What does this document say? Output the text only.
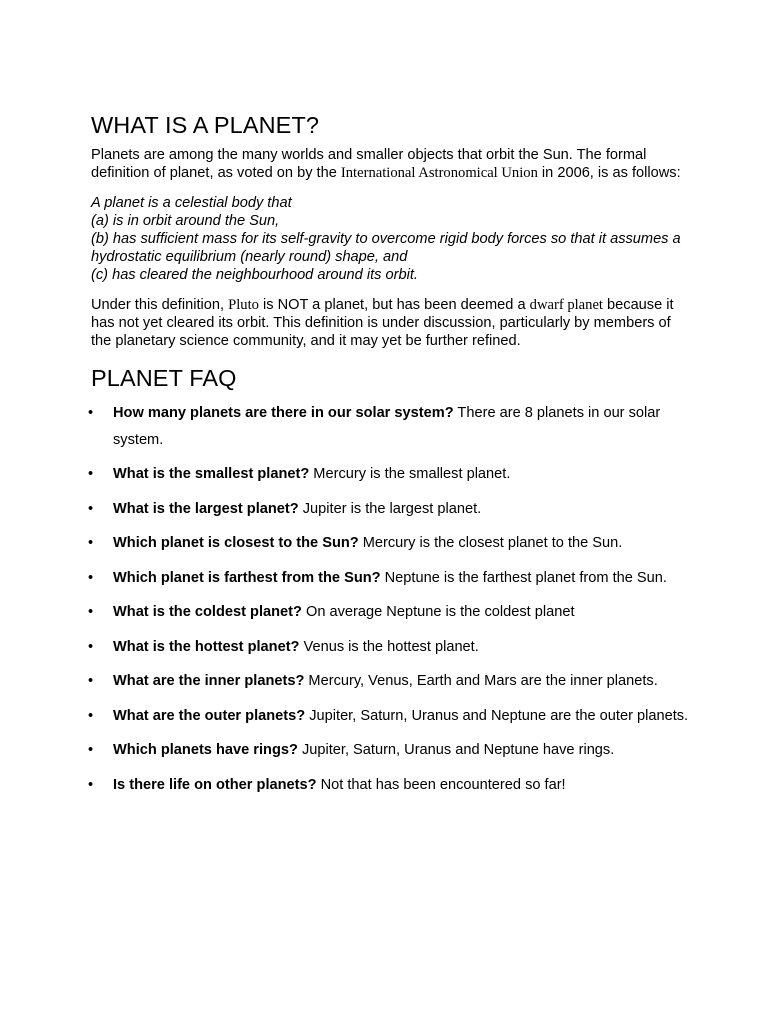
WHAT IS A PLANET?

Planets are among the many worlds and smaller objects that orbit the Sun. The formal definition of planet, as voted on by the International Astronomical Union in 2006, is as follows:

A planet is a celestial body that
(a) is in orbit around the Sun,
(b) has sufficient mass for its self-gravity to overcome rigid body forces so that it assumes a hydrostatic equilibrium (nearly round) shape, and
(c) has cleared the neighbourhood around its orbit.

Under this definition, Pluto is NOT a planet, but has been deemed a dwarf planet because it has not yet cleared its orbit. This definition is under discussion, particularly by members of the planetary science community, and it may yet be further refined.

PLANET FAQ
• How many planets are there in our solar system? There are 8 planets in our solar system.
• What is the smallest planet? Mercury is the smallest planet.
• What is the largest planet? Jupiter is the largest planet.
• Which planet is closest to the Sun? Mercury is the closest planet to the Sun.
• Which planet is farthest from the Sun? Neptune is the farthest planet from the Sun.
• What is the coldest planet? On average Neptune is the coldest planet
• What is the hottest planet? Venus is the hottest planet.
• What are the inner planets? Mercury, Venus, Earth and Mars are the inner planets.
• What are the outer planets? Jupiter, Saturn, Uranus and Neptune are the outer planets.
• Which planets have rings? Jupiter, Saturn, Uranus and Neptune have rings.
• Is there life on other planets? Not that has been encountered so far!
